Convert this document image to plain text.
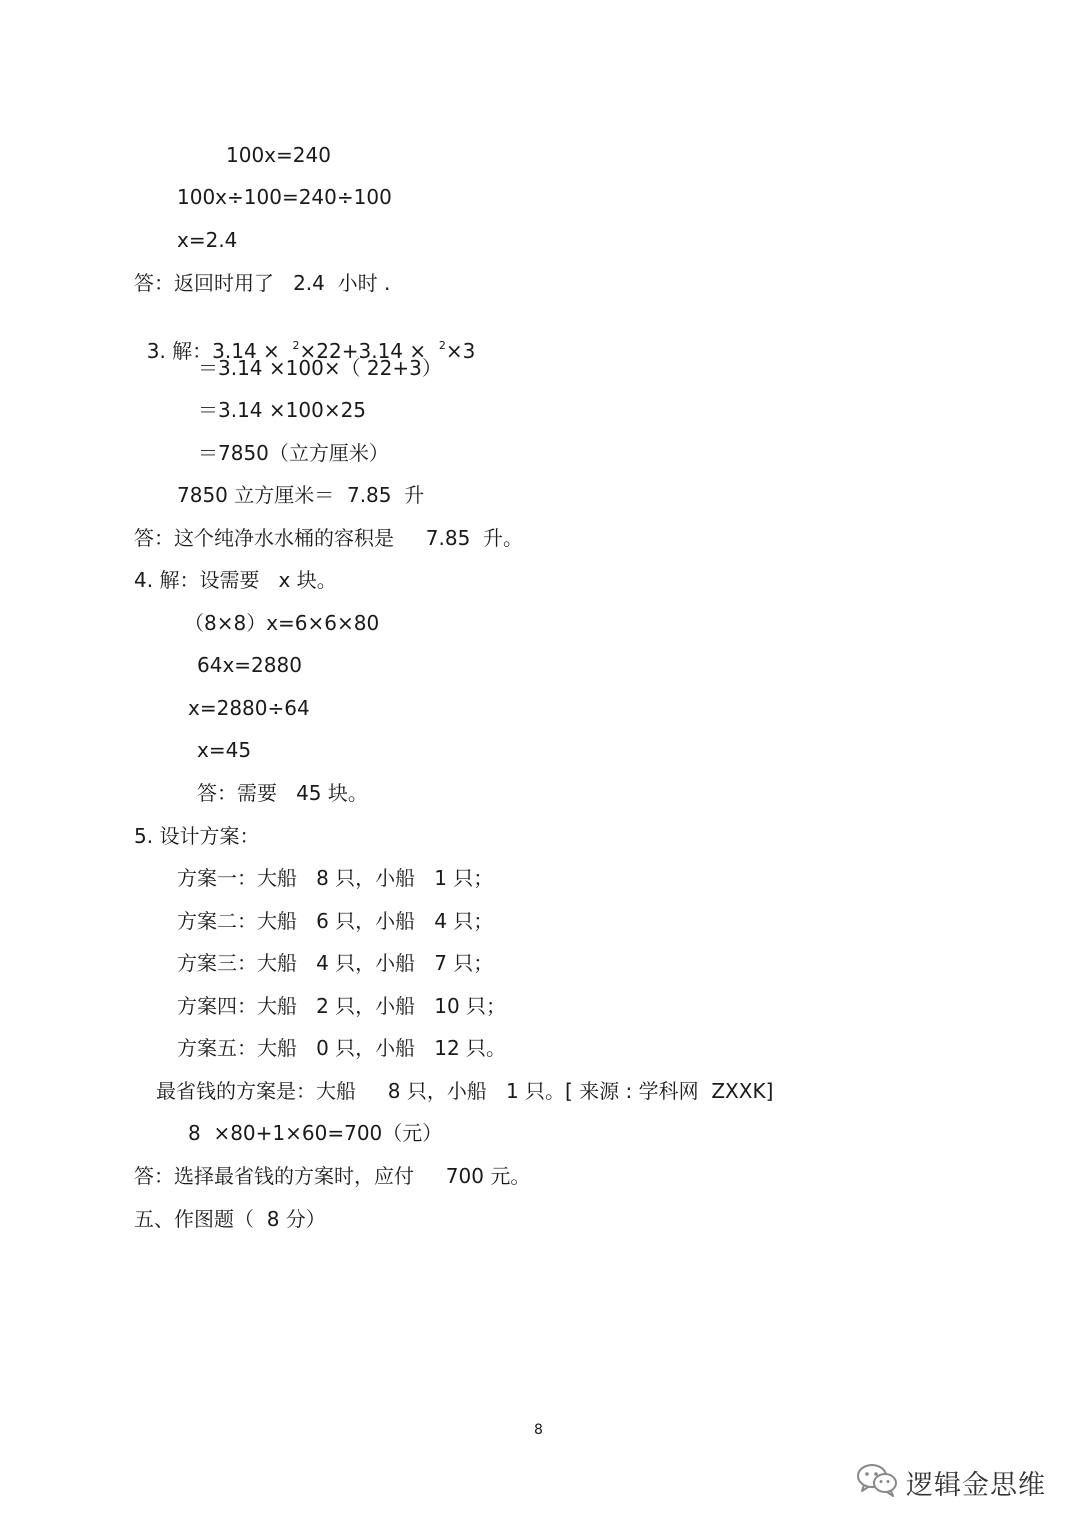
100x=240
100x÷100=240÷100
x=2.4
答：返回时用了   2.4  小时 .

3. 解：3.14 ×  $^2$×22+3.14 ×  $^2$×3

＝3.14 ×100×（ 22+3）
＝3.14 ×100×25
＝7850（立方厘米）
7850 立方厘米＝  7.85  升
答：这个纯净水水桶的容积是     7.85  升。
4. 解：设需要   x 块。
（8×8）x=6×6×80
64x=2880
x=2880÷64
x=45
答：需要   45 块。
5. 设计方案：
方案一：大船   8 只，小船   1 只；
方案二：大船   6 只，小船   4 只；
方案三：大船   4 只，小船   7 只；
方案四：大船   2 只，小船   10 只；
方案五：大船   0 只，小船   12 只。
最省钱的方案是：大船     8 只，小船   1 只。[ 来源 : 学科网  ZXXK]
8  ×80+1×60=700（元）
答：选择最省钱的方案时，应付     700 元。
五、作图题（  8 分）
8
逻辑金思维
